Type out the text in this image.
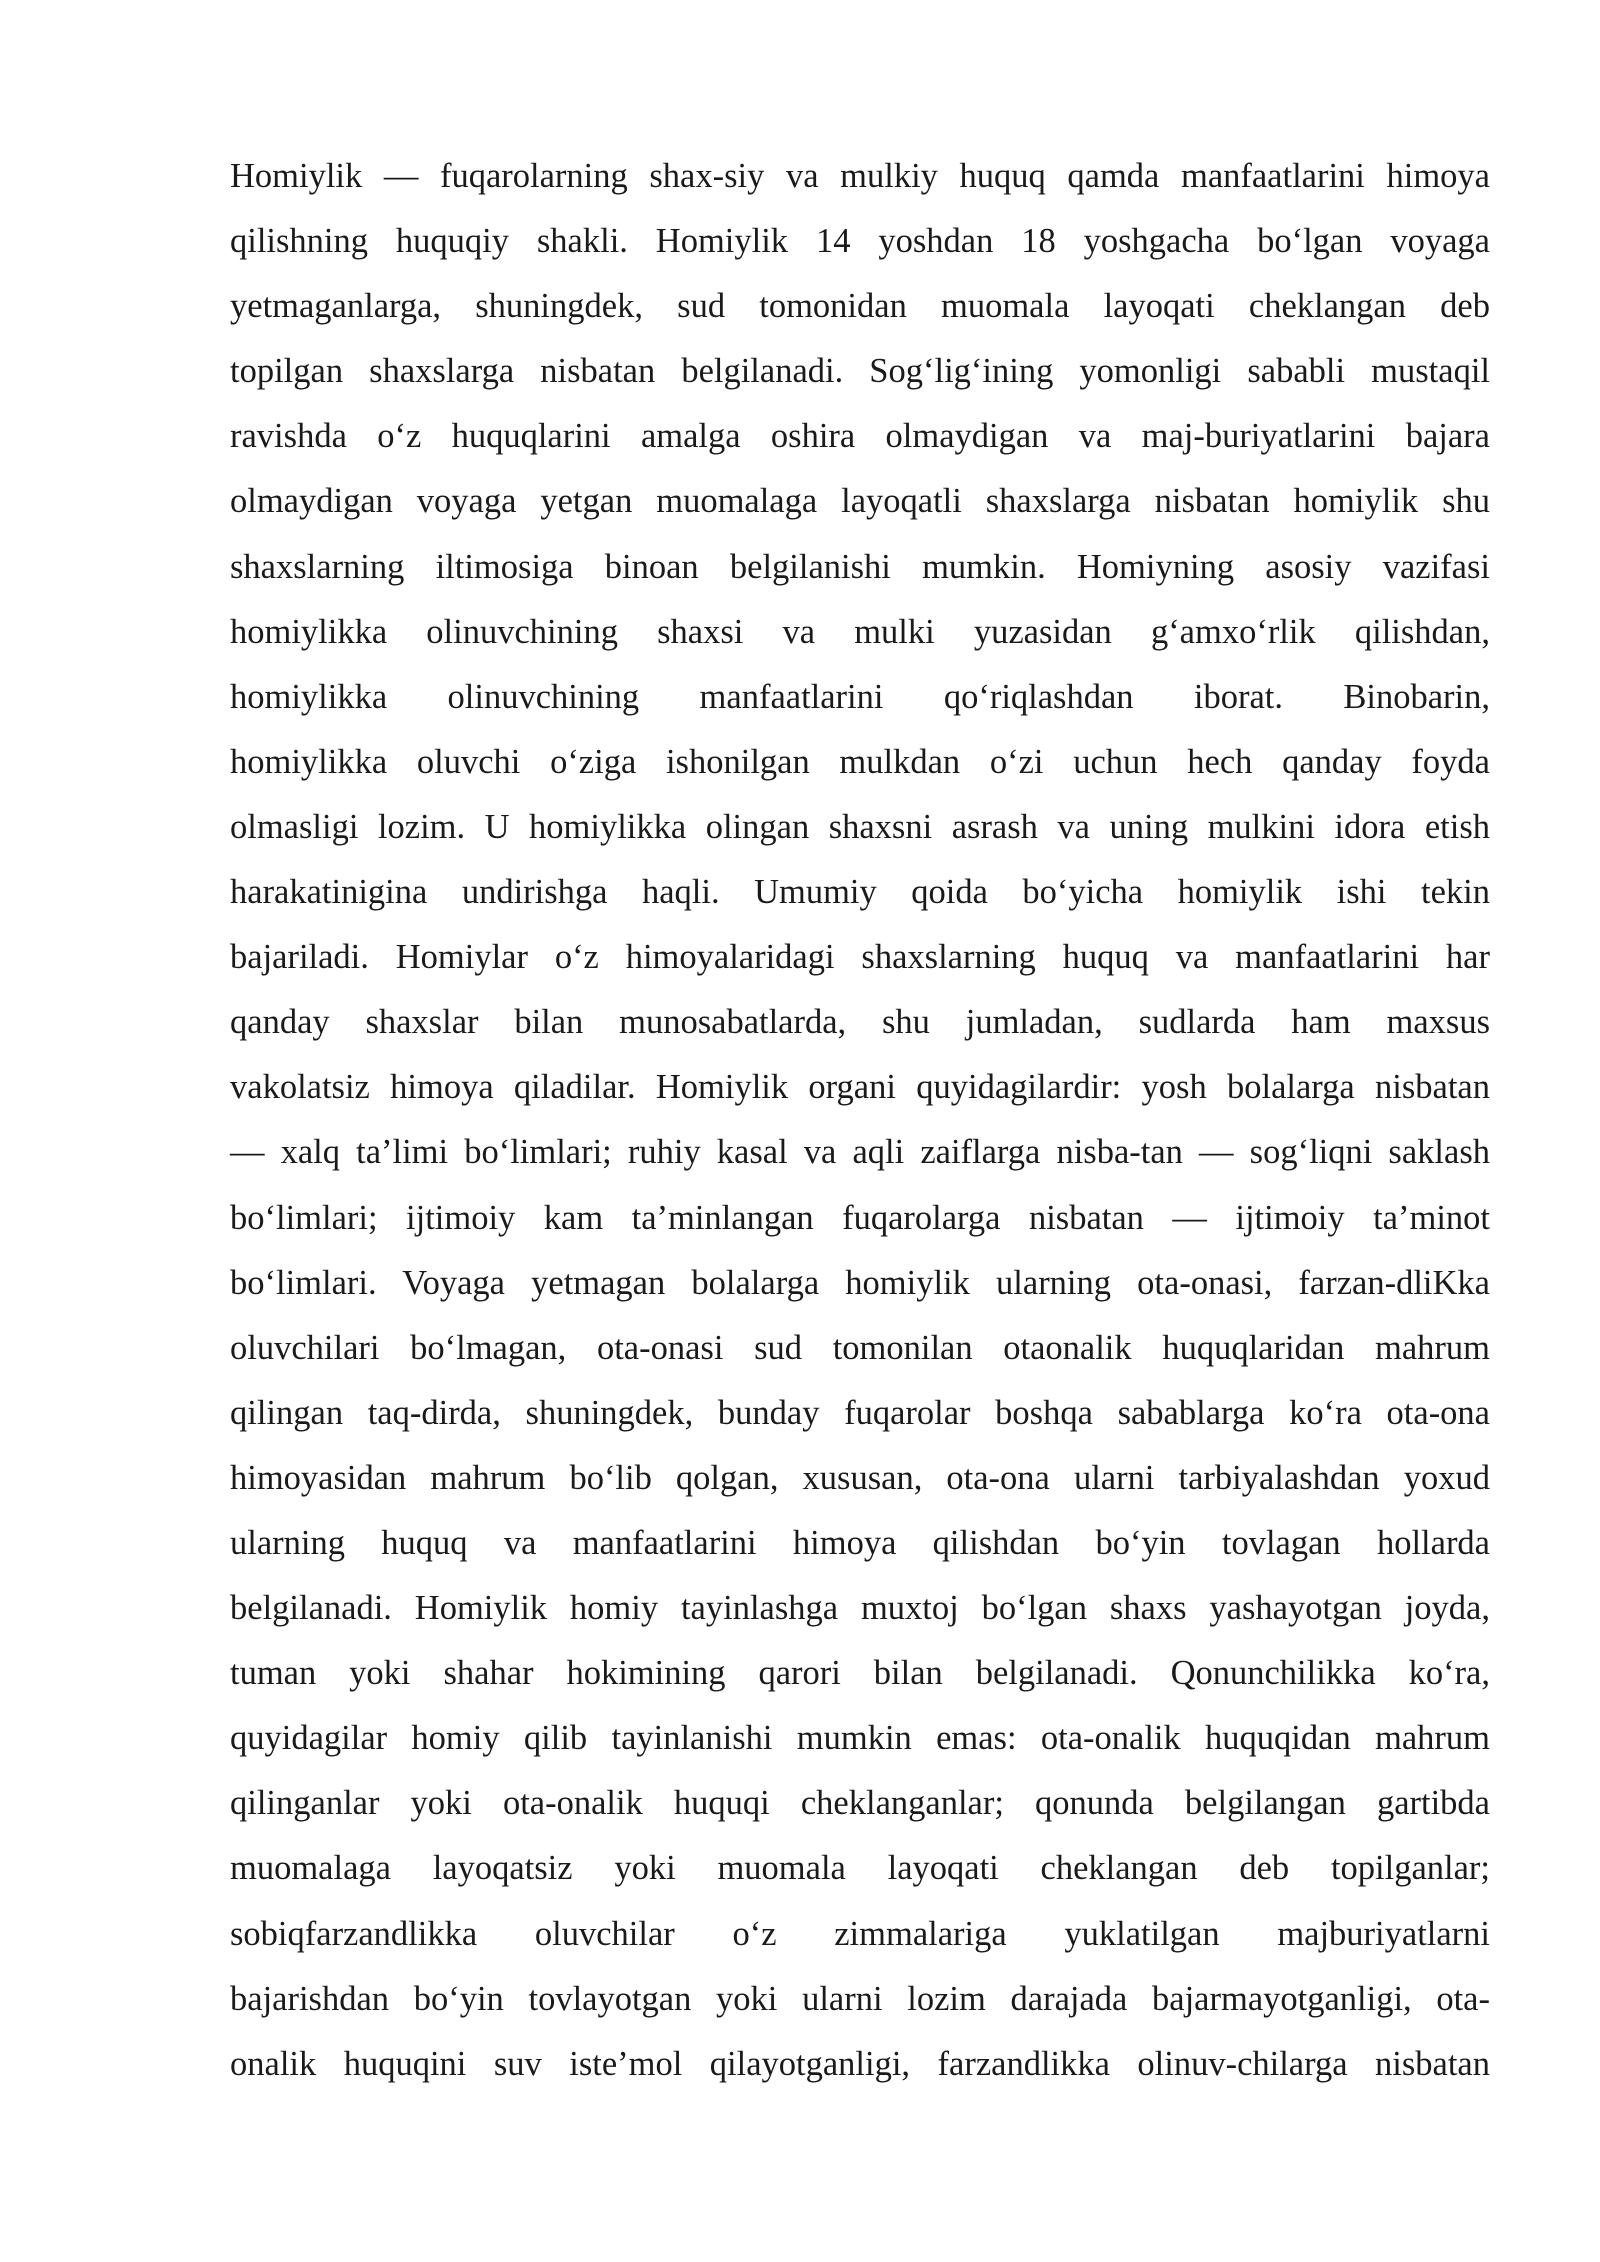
Homiylik — fuqarolarning shax-siy va mulkiy huquq qamda manfaatlarini himoya
qilishning huquqiy shakli. Homiylik 14 yoshdan 18 yoshgacha bo‘lgan voyaga
yetmaganlarga, shuningdek, sud tomonidan muomala layoqati cheklangan deb
topilgan shaxslarga nisbatan belgilanadi. Sog‘lig‘ining yomonligi sababli mustaqil
ravishda o‘z huquqlarini amalga oshira olmaydigan va maj-buriyatlarini bajara
olmaydigan voyaga yetgan muomalaga layoqatli shaxslarga nisbatan homiylik shu
shaxslarning iltimosiga binoan belgilanishi mumkin. Homiyning asosiy vazifasi
homiylikka olinuvchining shaxsi va mulki yuzasidan g‘amxo‘rlik qilishdan,
homiylikka olinuvchining manfaatlarini qo‘riqlashdan iborat. Binobarin,
homiylikka oluvchi o‘ziga ishonilgan mulkdan o‘zi uchun hech qanday foyda
olmasligi lozim. U homiylikka olingan shaxsni asrash va uning mulkini idora etish
harakatinigina undirishga haqli. Umumiy qoida bo‘yicha homiylik ishi tekin
bajariladi. Homiylar o‘z himoyalaridagi shaxslarning huquq va manfaatlarini har
qanday shaxslar bilan munosabatlarda, shu jumladan, sudlarda ham maxsus
vakolatsiz himoya qiladilar. Homiylik organi quyidagilardir: yosh bolalarga nisbatan
— xalq ta’limi bo‘limlari; ruhiy kasal va aqli zaiflarga nisba-tan — sog‘liqni saklash
bo‘limlari; ijtimoiy kam ta’minlangan fuqarolarga nisbatan — ijtimoiy ta’minot
bo‘limlari. Voyaga yetmagan bolalarga homiylik ularning ota-onasi, farzan-dliKka
oluvchilari bo‘lmagan, ota-onasi sud tomonilan otaonalik huquqlaridan mahrum
qilingan taq-dirda, shuningdek, bunday fuqarolar boshqa sabablarga ko‘ra ota-ona
himoyasidan mahrum bo‘lib qolgan, xususan, ota-ona ularni tarbiyalashdan yoxud
ularning huquq va manfaatlarini himoya qilishdan bo‘yin tovlagan hollarda
belgilanadi. Homiylik homiy tayinlashga muxtoj bo‘lgan shaxs yashayotgan joyda,
tuman yoki shahar hokimining qarori bilan belgilanadi. Qonunchilikka ko‘ra,
quyidagilar homiy qilib tayinlanishi mumkin emas: ota-onalik huquqidan mahrum
qilinganlar yoki ota-onalik huquqi cheklanganlar; qonunda belgilangan gartibda
muomalaga layoqatsiz yoki muomala layoqati cheklangan deb topilganlar;
sobiqfarzandlikka oluvchilar o‘z zimmalariga yuklatilgan majburiyatlarni
bajarishdan bo‘yin tovlayotgan yoki ularni lozim darajada bajarmayotganligi, ota-
onalik huquqini suv iste’mol qilayotganligi, farzandlikka olinuv-chilarga nisbatan
